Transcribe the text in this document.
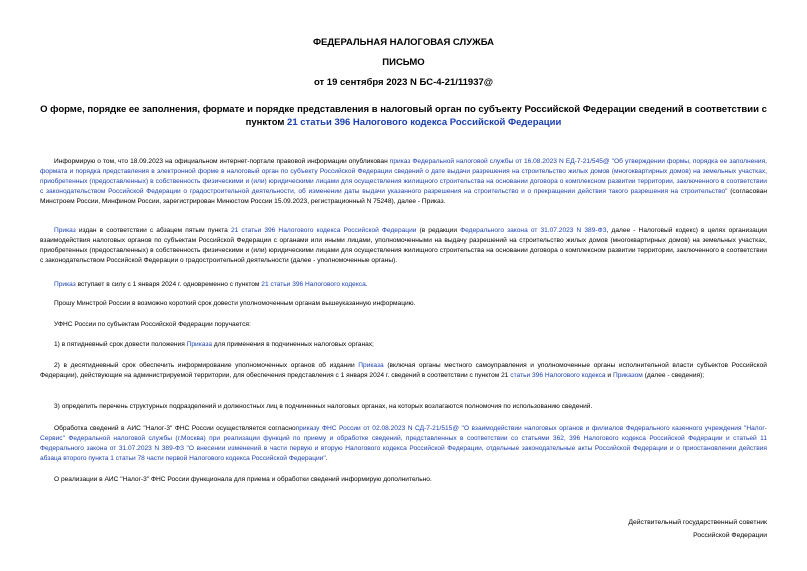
ФЕДЕРАЛЬНАЯ НАЛОГОВАЯ СЛУЖБА
ПИСЬМО
от 19 сентября 2023 N БС-4-21/11937@
О форме, порядке ее заполнения, формате и порядке представления в налоговый орган по субъекту Российской Федерации сведений в соответствии с пунктом 21 статьи 396 Налогового кодекса Российской Федерации
Информирую о том, что 18.09.2023 на официальном интернет-портале правовой информации опубликован приказ Федеральной налоговой службы от 16.08.2023 N ЕД-7-21/545@ "Об утверждении формы, порядка ее заполнения, формата и порядка представления в электронной форме в налоговый орган по субъекту Российской Федерации сведений о дате выдачи разрешения на строительство жилых домов (многоквартирных домов) на земельных участках, приобретенных (предоставленных) в собственность физическими и (или) юридическими лицами для осуществления жилищного строительства на основании договора о комплексном развитии территории, заключенного в соответствии с законодательством Российской Федерации о градостроительной деятельности, об изменении даты выдачи указанного разрешения на строительство и о прекращении действия такого разрешения на строительство" (согласован Минстроем России, Минфином России, зарегистрирован Минюстом России 15.09.2023, регистрационный N 75248), далее - Приказ.
Приказ издан в соответствии с абзацем пятым пункта 21 статьи 396 Налогового кодекса Российской Федерации (в редакции Федерального закона от 31.07.2023 N 389-ФЗ, далее - Налоговый кодекс) в целях организации взаимодействия налоговых органов по субъектам Российской Федерации с органами или иными лицами, уполномоченными на выдачу разрешений на строительство жилых домов (многоквартирных домов) на земельных участках, приобретенных (предоставленных) в собственность физическими и (или) юридическими лицами для осуществления жилищного строительства на основании договора о комплексном развитии территории, заключенного в соответствии с законодательством Российской Федерации о градостроительной деятельности (далее - уполномоченные органы).
Приказ вступает в силу с 1 января 2024 г. одновременно с пунктом 21 статьи 396 Налогового кодекса.
Прошу Минстрой России в возможно короткий срок довести уполномоченным органам вышеуказанную информацию.
УФНС России по субъектам Российской Федерации поручается:
1) в пятидневный срок довести положения Приказа для применения в подчиненных налоговых органах;
2) в десятидневный срок обеспечить информирование уполномоченных органов об издании Приказа (включая органы местного самоуправления и уполномоченные органы исполнительной власти субъектов Российской Федерации), действующие на администрируемой территории, для обеспечения представления с 1 января 2024 г. сведений в соответствии с пунктом 21 статьи 396 Налогового кодекса и Приказом (далее - сведения);
3) определить перечень структурных подразделений и должностных лиц в подчиненных налоговых органах, на которых возлагаются полномочия по использованию сведений.
Обработка сведений в АИС "Налог-3" ФНС России осуществляется согласноприказу ФНС России от 02.08.2023 N СД-7-21/515@ "О взаимодействии налоговых органов и филиалов Федерального казенного учреждения "Налог-Сервис" Федеральной налоговой службы (г.Москва) при реализации функций по приему и обработке сведений, представленных в соответствии со статьями 362, 396 Налогового кодекса Российской Федерации и статьей 11 Федерального закона от 31.07.2023 N 389-ФЗ "О внесении изменений в части первую и вторую Налогового кодекса Российской Федерации, отдельные законодательные акты Российской Федерации и о приостановлении действия абзаца второго пункта 1 статьи 78 части первой Налогового кодекса Российской Федерации".
О реализации в АИС "Налог-3" ФНС России функционала для приема и обработки сведений информирую дополнительно.
Действительный государственный советник
Российской Федерации
